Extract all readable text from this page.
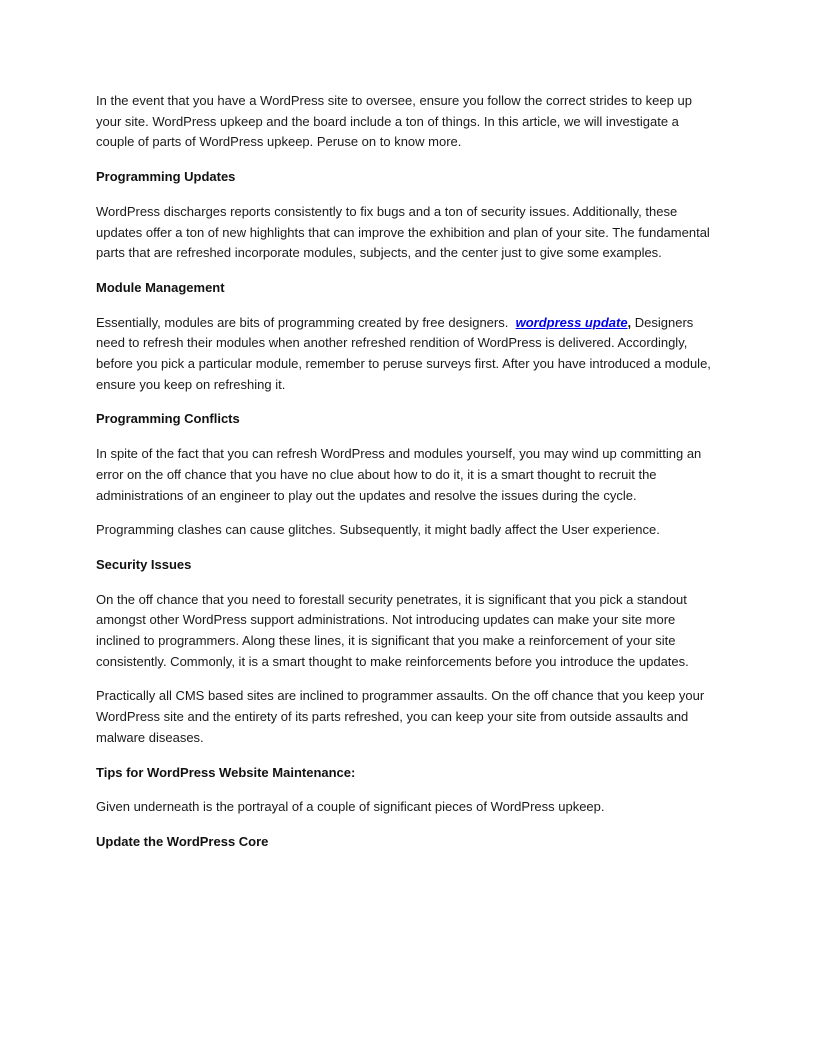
In the event that you have a WordPress site to oversee, ensure you follow the correct strides to keep up your site. WordPress upkeep and the board include a ton of things. In this article, we will investigate a couple of parts of WordPress upkeep. Peruse on to know more.

Programming Updates

WordPress discharges reports consistently to fix bugs and a ton of security issues. Additionally, these updates offer a ton of new highlights that can improve the exhibition and plan of your site. The fundamental parts that are refreshed incorporate modules, subjects, and the center just to give some examples.

Module Management

Essentially, modules are bits of programming created by free designers.  wordpress update, Designers need to refresh their modules when another refreshed rendition of WordPress is delivered. Accordingly, before you pick a particular module, remember to peruse surveys first. After you have introduced a module, ensure you keep on refreshing it.

Programming Conflicts

In spite of the fact that you can refresh WordPress and modules yourself, you may wind up committing an error on the off chance that you have no clue about how to do it, it is a smart thought to recruit the administrations of an engineer to play out the updates and resolve the issues during the cycle.

Programming clashes can cause glitches. Subsequently, it might badly affect the User experience.

Security Issues

On the off chance that you need to forestall security penetrates, it is significant that you pick a standout amongst other WordPress support administrations. Not introducing updates can make your site more inclined to programmers. Along these lines, it is significant that you make a reinforcement of your site consistently. Commonly, it is a smart thought to make reinforcements before you introduce the updates.

Practically all CMS based sites are inclined to programmer assaults. On the off chance that you keep your WordPress site and the entirety of its parts refreshed, you can keep your site from outside assaults and malware diseases.

Tips for WordPress Website Maintenance:

Given underneath is the portrayal of a couple of significant pieces of WordPress upkeep.

Update the WordPress Core
